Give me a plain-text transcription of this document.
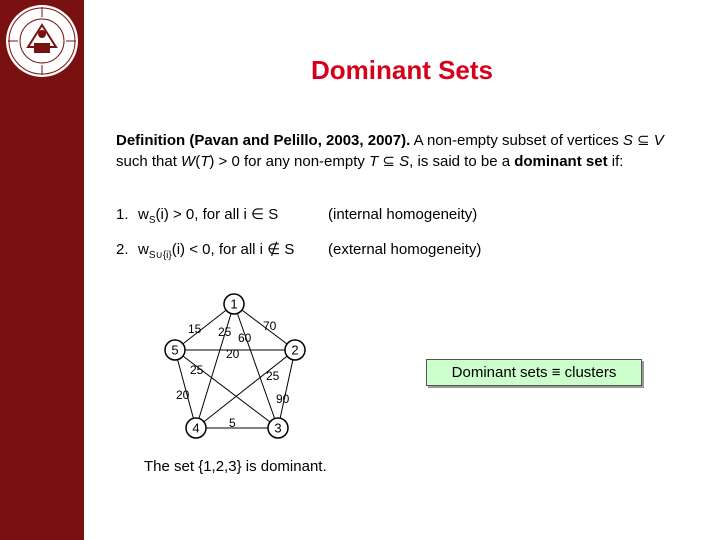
Dominant Sets
Definition (Pavan and Pelillo, 2003, 2007). A non-empty subset of vertices S ⊆ V such that W(T) > 0 for any non-empty T ⊆ S, is said to be a dominant set if:
1. $w_S(i) > 0$, for all i ∈ S	(internal homogeneity)
2. $w_{S\cup\{i\}}(i) < 0$, for all i ∉ S (external homogeneity)
15 25 60
70
20
25	25
90
20
5
1
2
3
4
5
Dominant sets ≡ clusters
The set {1,2,3} is dominant.
